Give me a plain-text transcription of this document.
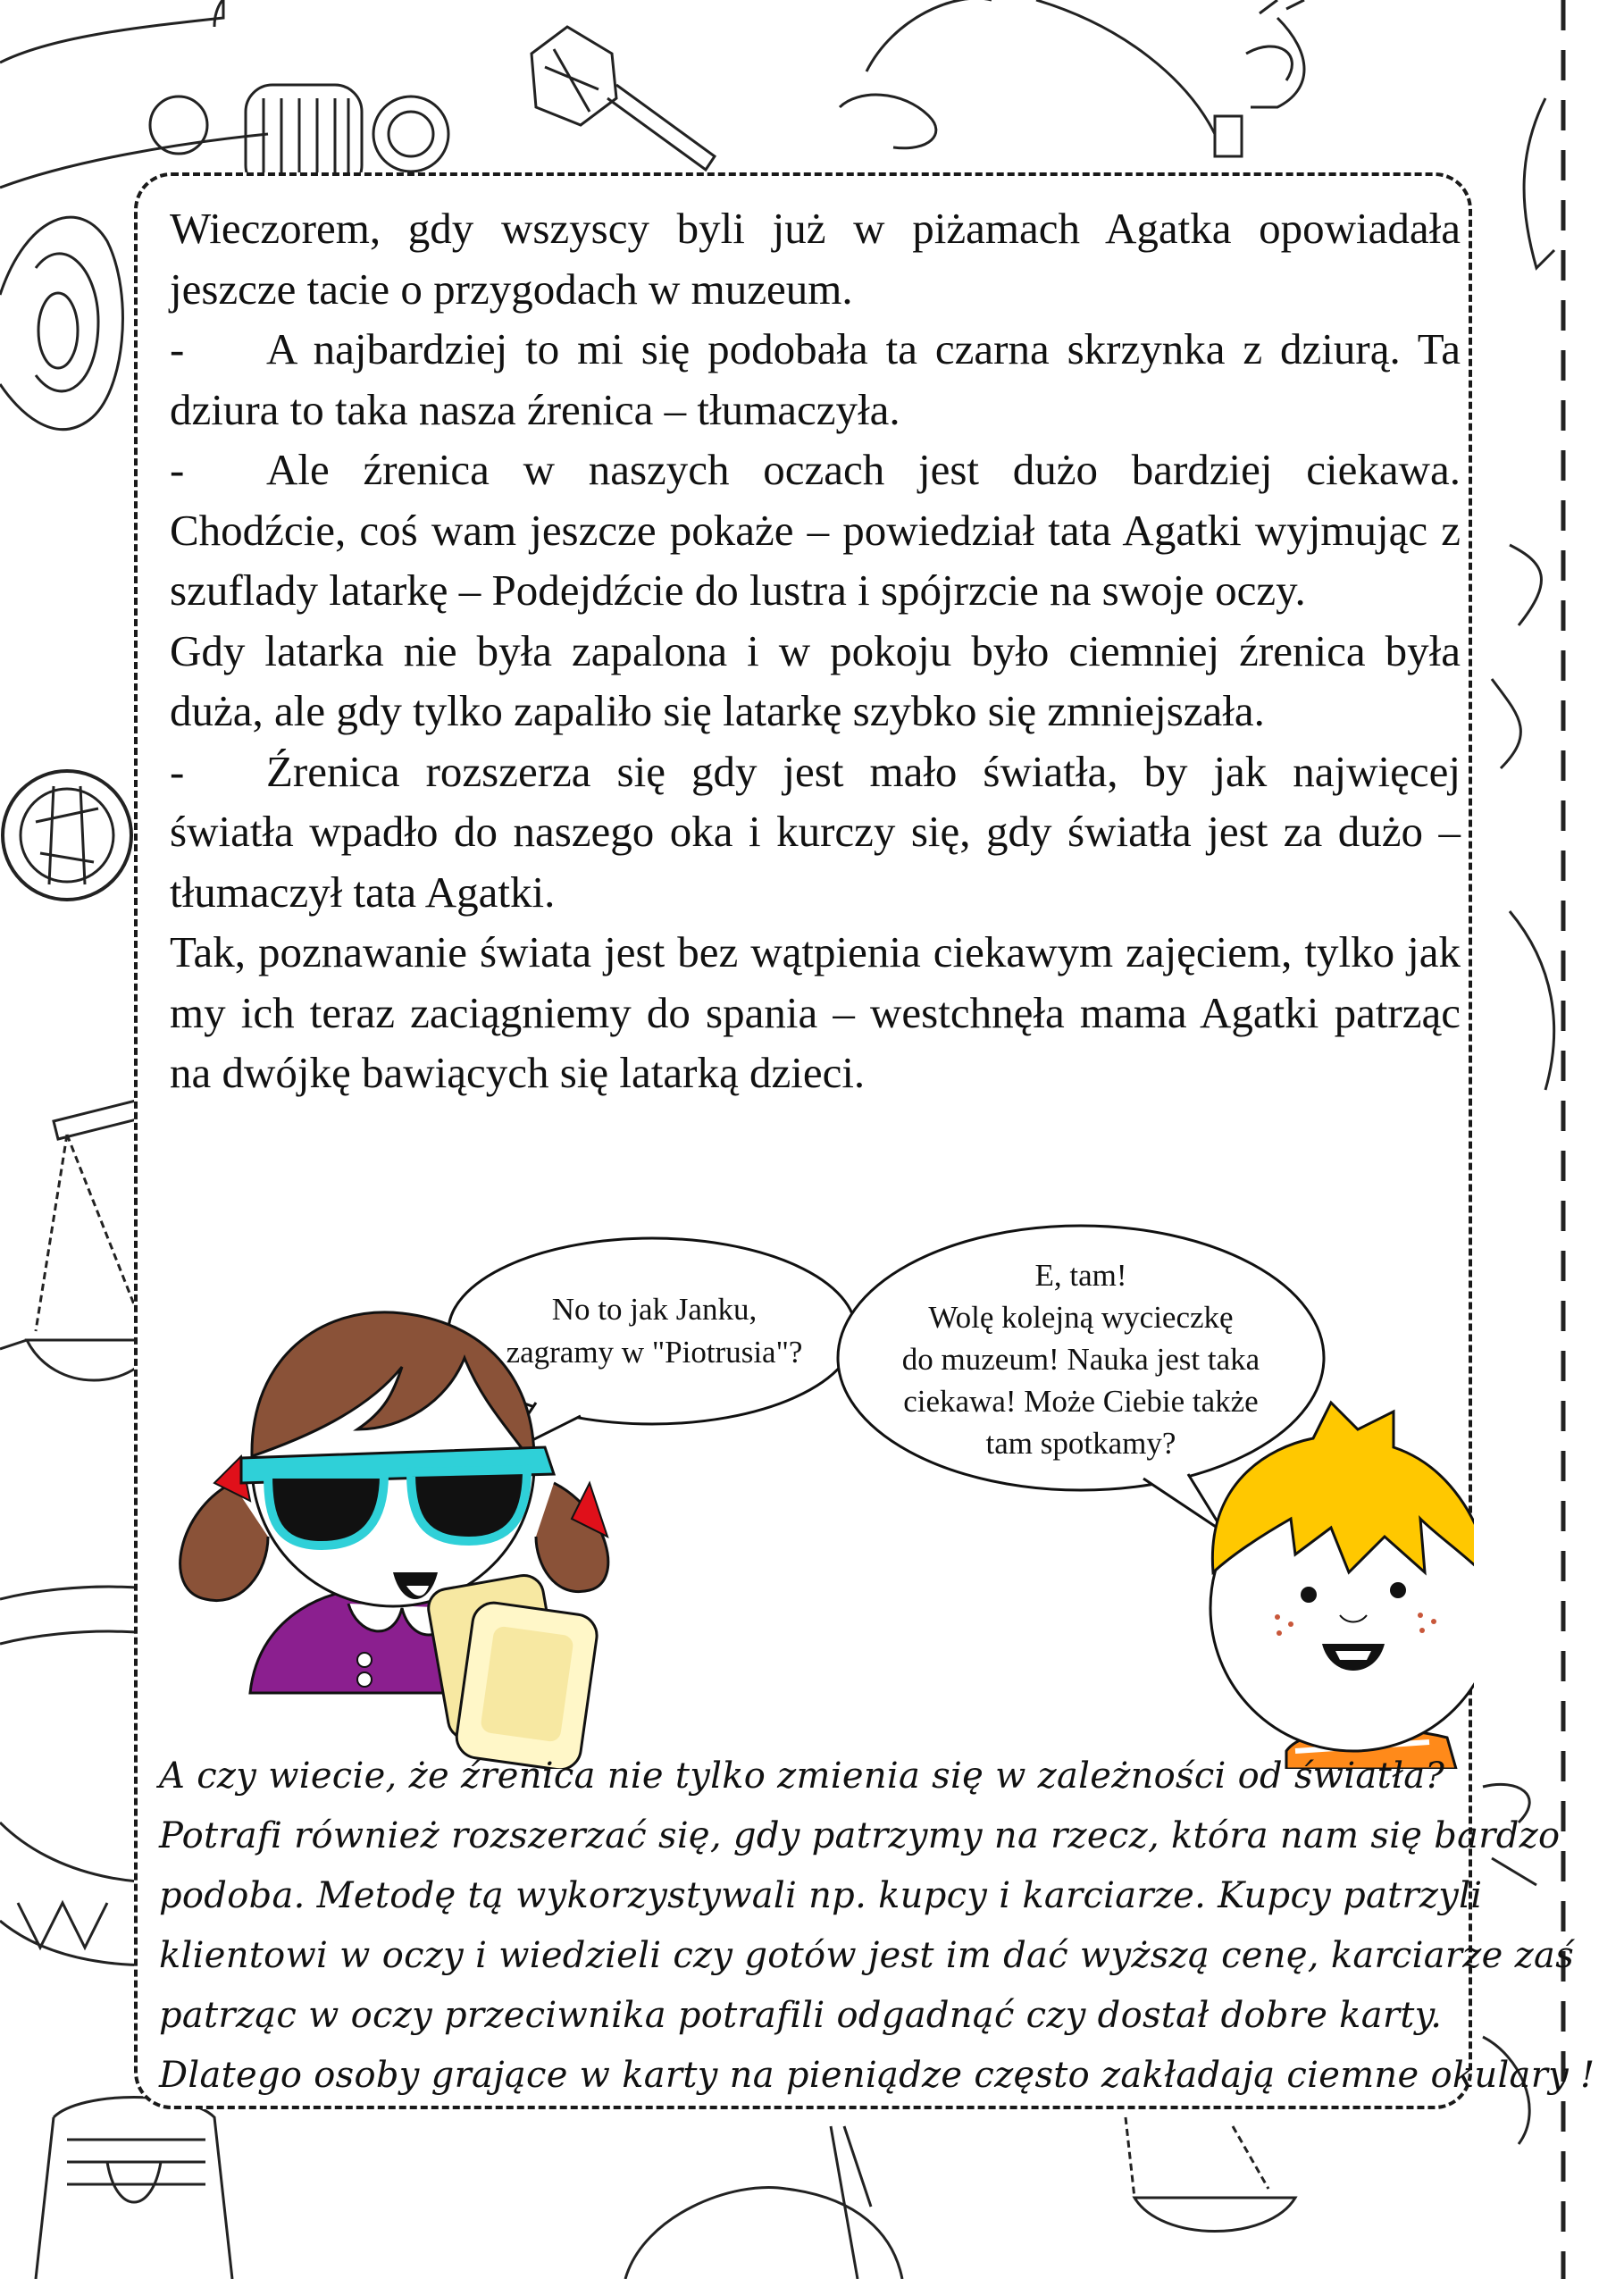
Wieczorem, gdy wszyscy byli już w piżamach Agatka opowiadała jeszcze tacie o przygodach w muzeum.

- A najbardziej to mi się podobała ta czarna skrzynka z dziurą. Ta dziura to taka nasza źrenica – tłumaczyła.

- Ale źrenica w naszych oczach jest dużo bardziej ciekawa. Chodźcie, coś wam jeszcze pokaże – powiedział tata Agatki wyjmując z szuflady latarkę – Podejdźcie do lustra i spójrzcie na swoje oczy.

Gdy latarka nie była zapalona i w pokoju było ciemniej źrenica była duża, ale gdy tylko zapaliło się latarkę szybko się zmniejszała.

- Źrenica rozszerza się gdy jest mało światła, by jak najwięcej światła wpadło do naszego oka i kurczy się, gdy światła jest za dużo – tłumaczył tata Agatki.

Tak, poznawanie świata jest bez wątpienia ciekawym zajęciem, tylko jak my ich teraz zaciągniemy do spania – westchnęła mama Agatki patrząc na dwójkę bawiących się latarką dzieci.

No to jak Janku,
zagramy w "Piotrusia"?
E, tam!
Wolę kolejną wycieczkę
do muzeum! Nauka jest taka
ciekawa! Może Ciebie także
tam spotkamy?

A czy wiecie, że źrenica nie tylko zmienia się w zależności od światła?

Potrafi również rozszerzać się, gdy patrzymy na rzecz, która nam się bardzo

podoba. Metodę tą wykorzystywali np. kupcy i karciarze. Kupcy patrzyli

klientowi w oczy i wiedzieli czy gotów jest im dać wyższą cenę, karciarze zaś

patrząc w oczy przeciwnika potrafili odgadnąć czy dostał dobre karty.

Dlatego osoby grające w karty na pieniądze często zakładają ciemne okulary !
